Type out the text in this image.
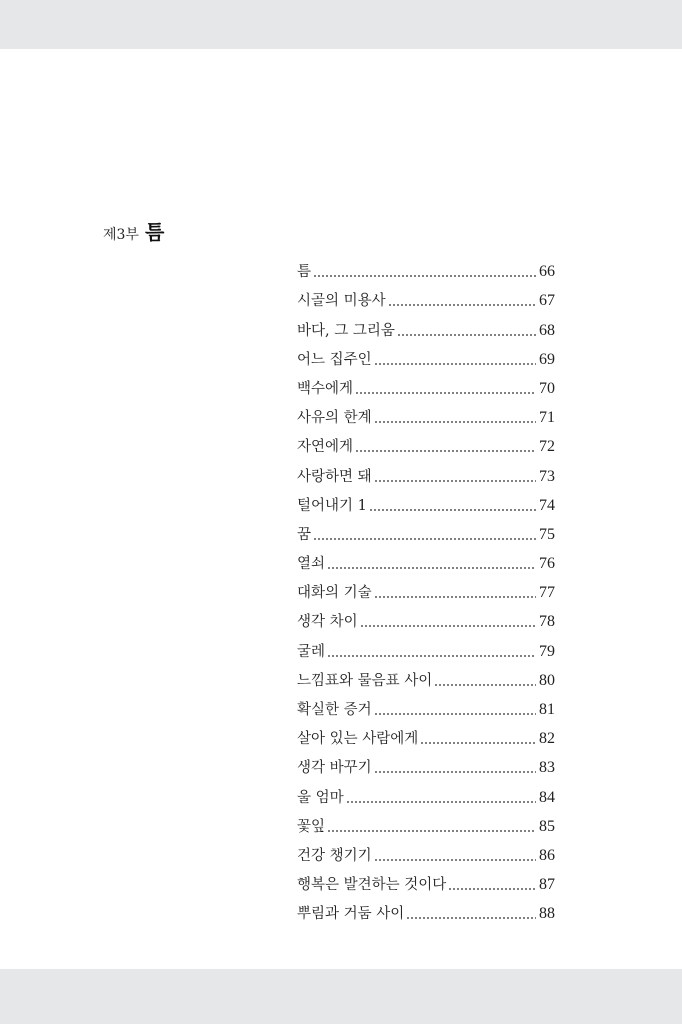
제3부 틈
틈	66
시골의 미용사	67
바다, 그 그리움	68
어느 집주인	69
백수에게	70
사유의 한계	71
자연에게	72
사랑하면 돼	73
털어내기 1	74
꿈	75
열쇠	76
대화의 기술	77
생각 차이	78
굴레	79
느낌표와 물음표 사이	80
확실한 증거	81
살아 있는 사람에게	82
생각 바꾸기	83
울 엄마	84
꽃잎	85
건강 챙기기	86
행복은 발견하는 것이다	87
뿌림과 거둠 사이	88
